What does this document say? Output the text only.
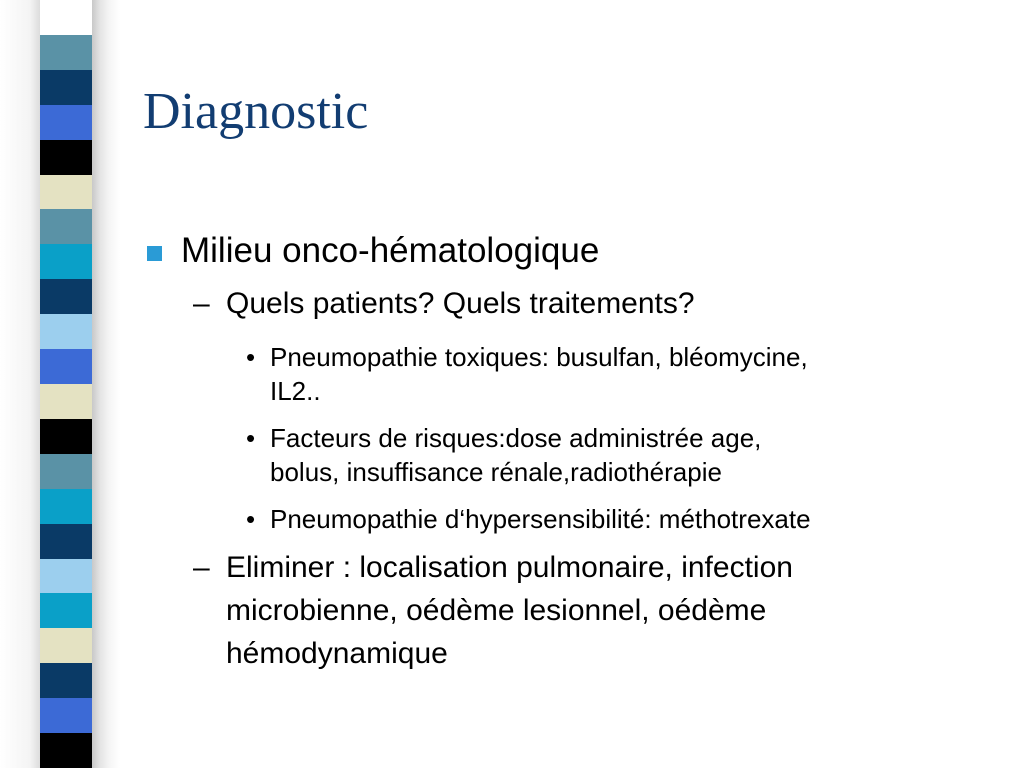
Diagnostic
Milieu onco-hématologique
– Quels patients? Quels traitements?
• Pneumopathie toxiques: busulfan, bléomycine,
IL2..
• Facteurs de risques:dose administrée age,
bolus, insuffisance rénale,radiothérapie
• Pneumopathie d‘hypersensibilité: méthotrexate
– Eliminer : localisation pulmonaire, infection
microbienne, oédème lesionnel, oédème
hémodynamique
